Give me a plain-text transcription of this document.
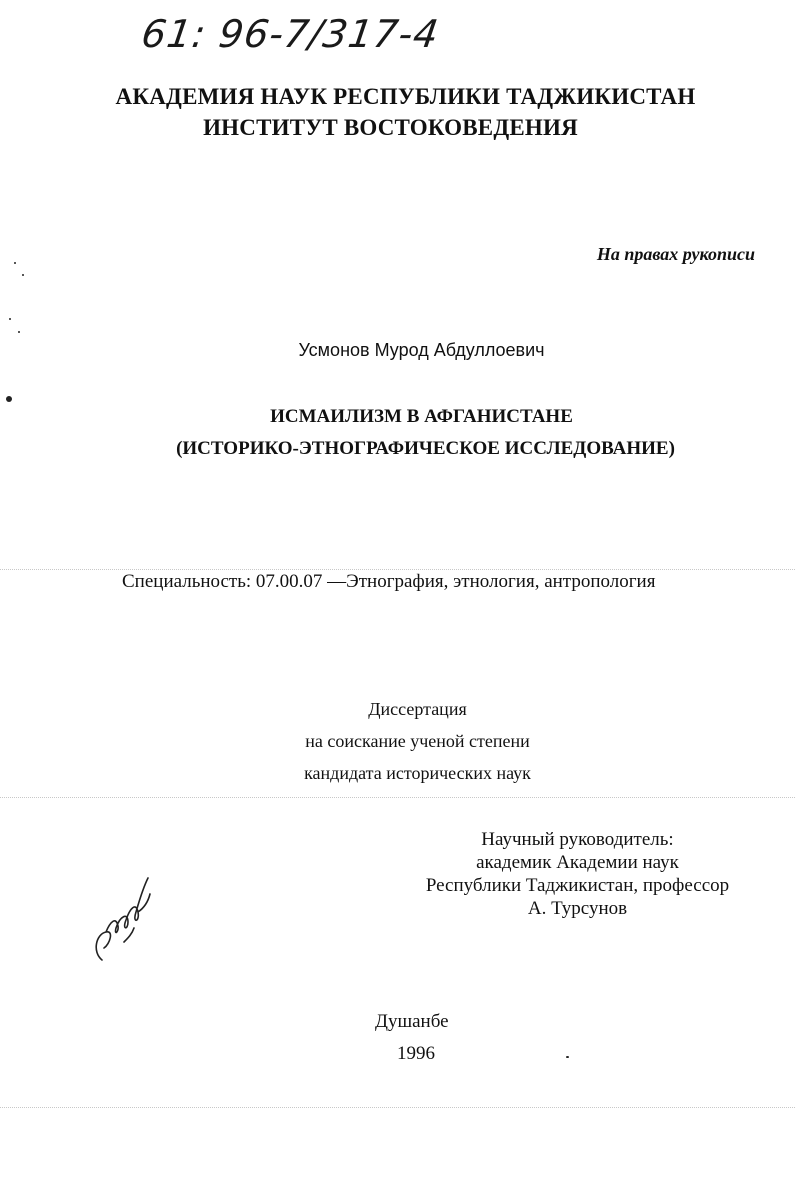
61: 96-7/317-4

АКАДЕМИЯ НАУК РЕСПУБЛИКИ ТАДЖИКИСТАН

ИНСТИТУТ ВОСТОКОВЕДЕНИЯ

На правах рукописи

Усмонов Мурод Абдуллоевич

ИСМАИЛИЗМ В АФГАНИСТАНЕ

(ИСТОРИКО-ЭТНОГРАФИЧЕСКОЕ ИССЛЕДОВАНИЕ)

Специальность: 07.00.07 —Этнография, этнология, антропология

Диссертация

на соискание ученой степени

кандидата исторических наук

Научный руководитель:
академик Академии наук
Республики Таджикистан, профессор
А. Турсунов

Душанбе

1996
